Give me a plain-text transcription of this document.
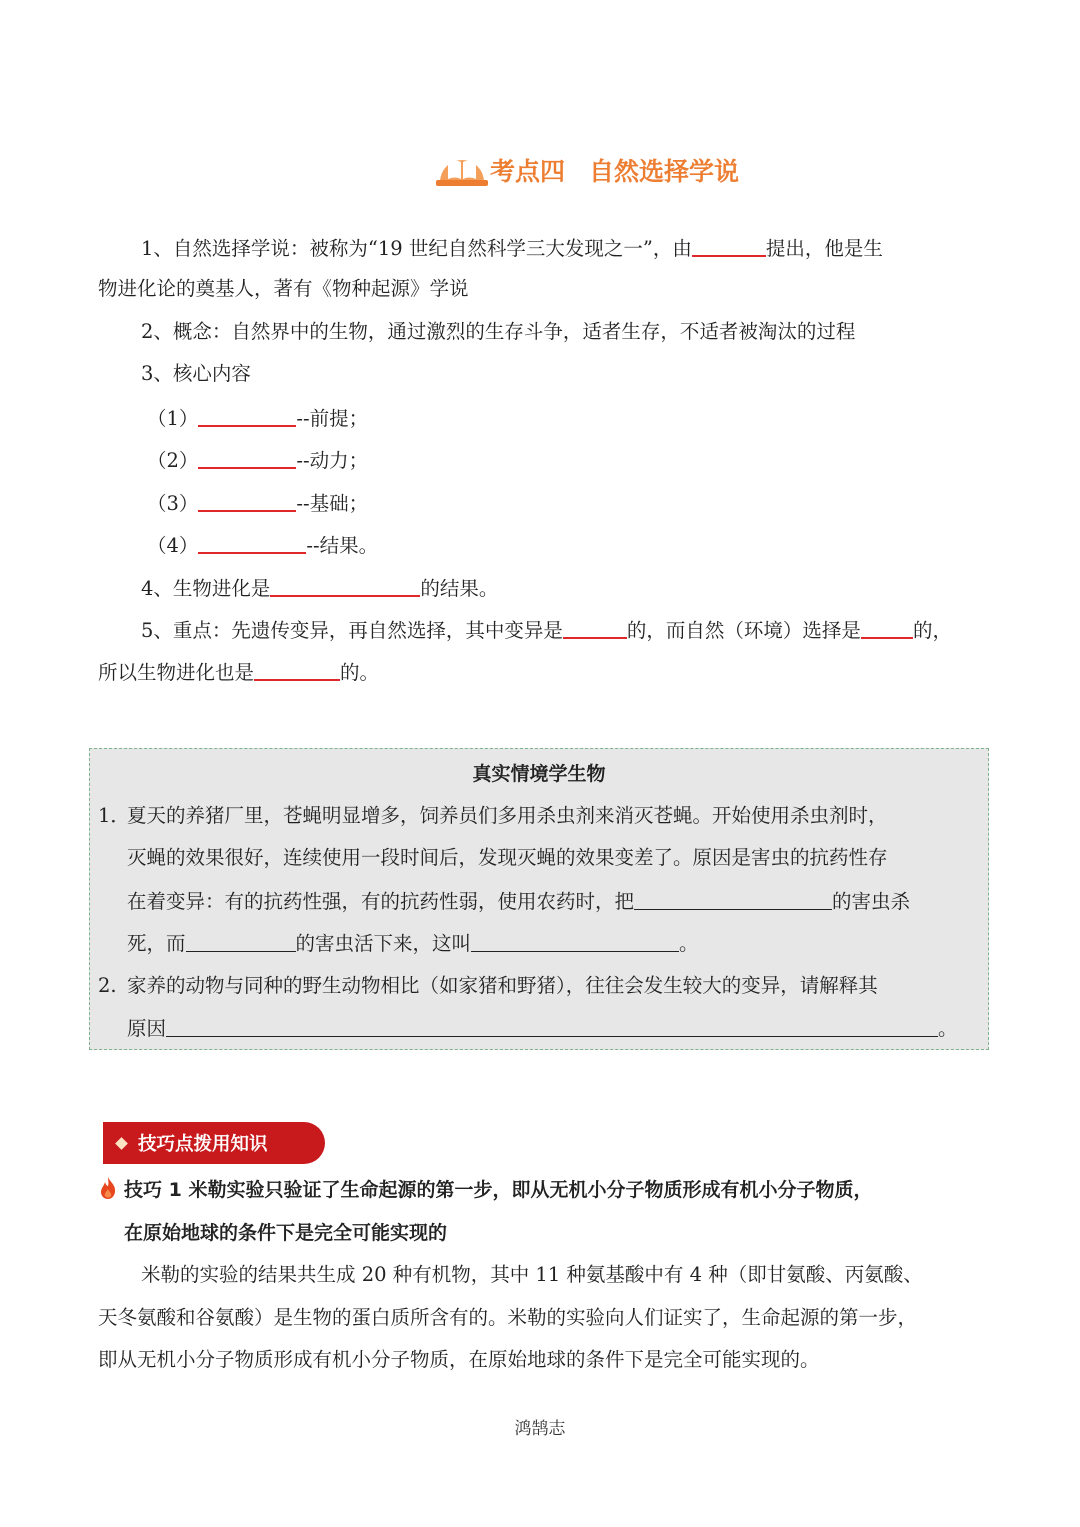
考点四 自然选择学说
1、自然选择学说：被称为“19 世纪自然科学三大发现之一”，由	提出，他是生
物进化论的奠基人，著有《物种起源》学说
2、概念：自然界中的生物，通过激烈的生存斗争，适者生存，不适者被淘汰的过程
3、核心内容
（1）	--前提；
（2）	--动力；
（3）	--基础；
（4）	--结果。
4、生物进化是	的结果。
5、重点：先遗传变异，再自然选择，其中变异是	的，而自然（环境）选择是	的，
所以生物进化也是	的。
真实情境学生物
1．
夏天的养猪厂里，苍蝇明显增多，饲养员们多用杀虫剂来消灭苍蝇。开始使用杀虫剂时，
灭蝇的效果很好，连续使用一段时间后，发现灭蝇的效果变差了。原因是害虫的抗药性存
在着变异：有的抗药性强，有的抗药性弱，使用农药时，把	的害虫杀
死，而	的害虫活下来，这叫	。
2. 家养的动物与同种的野生动物相比（如家猪和野猪），往往会发生较大的变异，请解释其
原因	。
技巧点拨用知识
技巧 1 米勒实验只验证了生命起源的第一步，即从无机小分子物质形成有机小分子物质，
在原始地球的条件下是完全可能实现的
米勒的实验的结果共生成 20 种有机物，其中 11 种氨基酸中有 4 种（即甘氨酸、丙氨酸、
天冬氨酸和谷氨酸）是生物的蛋白质所含有的。米勒的实验向人们证实了，生命起源的第一步，
即从无机小分子物质形成有机小分子物质，在原始地球的条件下是完全可能实现的。
鸿鹄志
